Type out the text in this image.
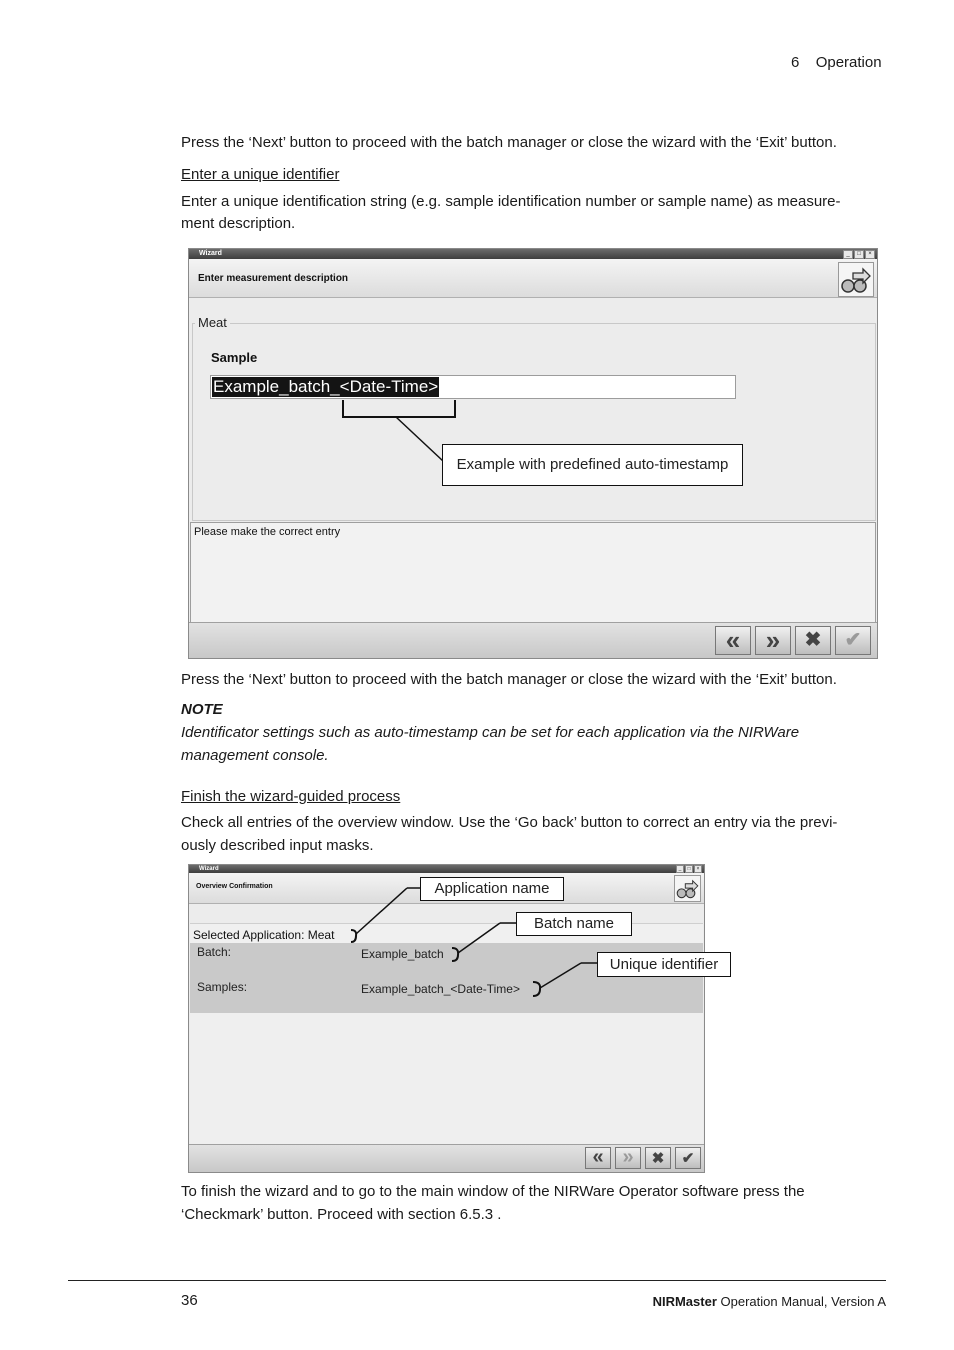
6 Operation
Press the ‘Next’ button to proceed with the batch manager or close the wizard with the ‘Exit’ button.
Enter a unique identifier
Enter a unique identification string (e.g. sample identification number or sample name) as measure-
ment description.
Wizard	_	□	×
Enter measurement description
Meat
Sample
Example_batch_<Date-Time>
Please make the correct entry
« »	✖	✔
Example with predefined auto-timestamp
Press the ‘Next’ button to proceed with the batch manager or close the wizard with the ‘Exit’ button.
NOTE
Identificator settings such as auto-timestamp can be set for each application via the NIRWare
management console.
Finish the wizard-guided process
Check all entries of the overview window. Use the ‘Go back’ button to correct an entry via the previ-
ously described input masks.
Wizard	_	□	×
Overview Confirmation
Selected Application: Meat
Batch:	Example_batch
Samples:	Example_batch_<Date-Time>
« »	✖	✔
Application name
Batch name
Unique identifier
To finish the wizard and to go to the main window of the NIRWare Operator software press the
‘Checkmark’ button. Proceed with section 6.5.3 .
36	NIRMaster Operation Manual, Version A
